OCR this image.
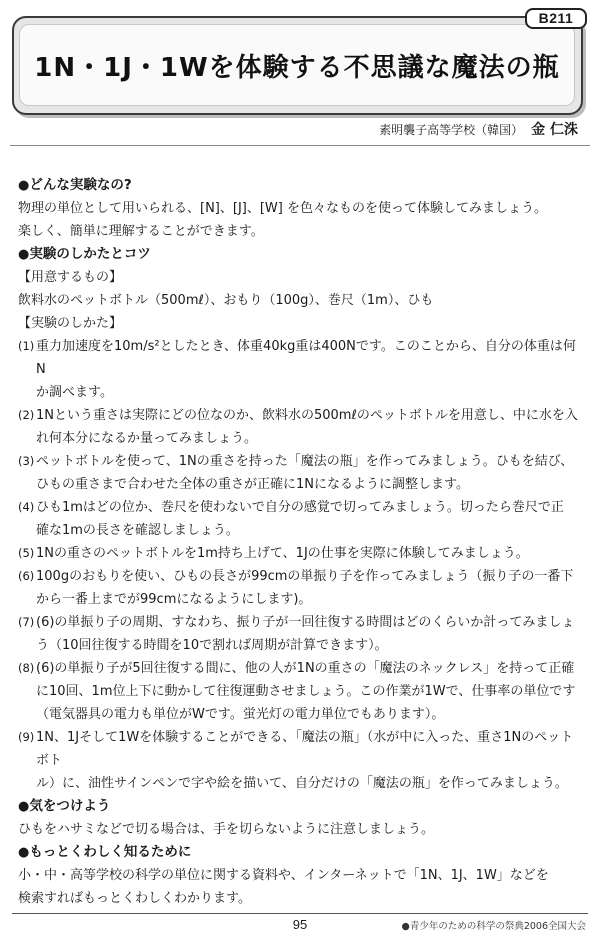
B211
1N・1J・1Wを体験する不思議な魔法の瓶
素明襲子高等学校（韓国） 金 仁洙
●どんな実験なの?

物理の単位として用いられる、[N]、[J]、[W] を色々なものを使って体験してみましょう。

楽しく、簡単に理解することができます。

●実験のしかたとコツ

【用意するもの】

飲料水のペットボトル（500mℓ）、おもり（100g）、巻尺（1m）、ひも

【実験のしかた】

(1) 重力加速度を10m/s²としたとき、体重40kg重は400Nです。このことから、自分の体重は何N
か調べます。
(2) 1Nという重さは実際にどの位なのか、飲料水の500mℓのペットボトルを用意し、中に水を入
れ何本分になるか量ってみましょう。
(3) ペットボトルを使って、1Nの重さを持った「魔法の瓶」を作ってみましょう。ひもを結び、
ひもの重さまで合わせた全体の重さが正確に1Nになるように調整します。
(4) ひも1mはどの位か、巻尺を使わないで自分の感覚で切ってみましょう。切ったら巻尺で正
確な1mの長さを確認しましょう。
(5) 1Nの重さのペットボトルを1m持ち上げて、1Jの仕事を実際に体験してみましょう。
(6) 100gのおもりを使い、ひもの長さが99cmの単振り子を作ってみましょう（振り子の一番下
から一番上までが99cmになるようにします)。
(7) (6)の単振り子の周期、すなわち、振り子が一回往復する時間はどのくらいか計ってみましょ
う（10回往復する時間を10で割れば周期が計算できます）。
(8) (6)の単振り子が5回往復する間に、他の人が1Nの重さの「魔法のネックレス」を持って正確
に10回、1m位上下に動かして往復運動させましょう。この作業が1Wで、仕事率の単位です
（電気器具の電力も単位がWです。蛍光灯の電力単位でもあります）。
(9) 1N、1Jそして1Wを体験することができる、「魔法の瓶」（水が中に入った、重さ1Nのペットボト
ル）に、油性サインペンで字や絵を描いて、自分だけの「魔法の瓶」を作ってみましょう。
●気をつけよう

ひもをハサミなどで切る場合は、手を切らないように注意しましょう。

●もっとくわしく知るために

小・中・高等学校の科学の単位に関する資料や、インターネットで「1N、1J、1W」などを

検索すればもっとくわしくわかります。

95	●青少年のための科学の祭典2006全国大会
